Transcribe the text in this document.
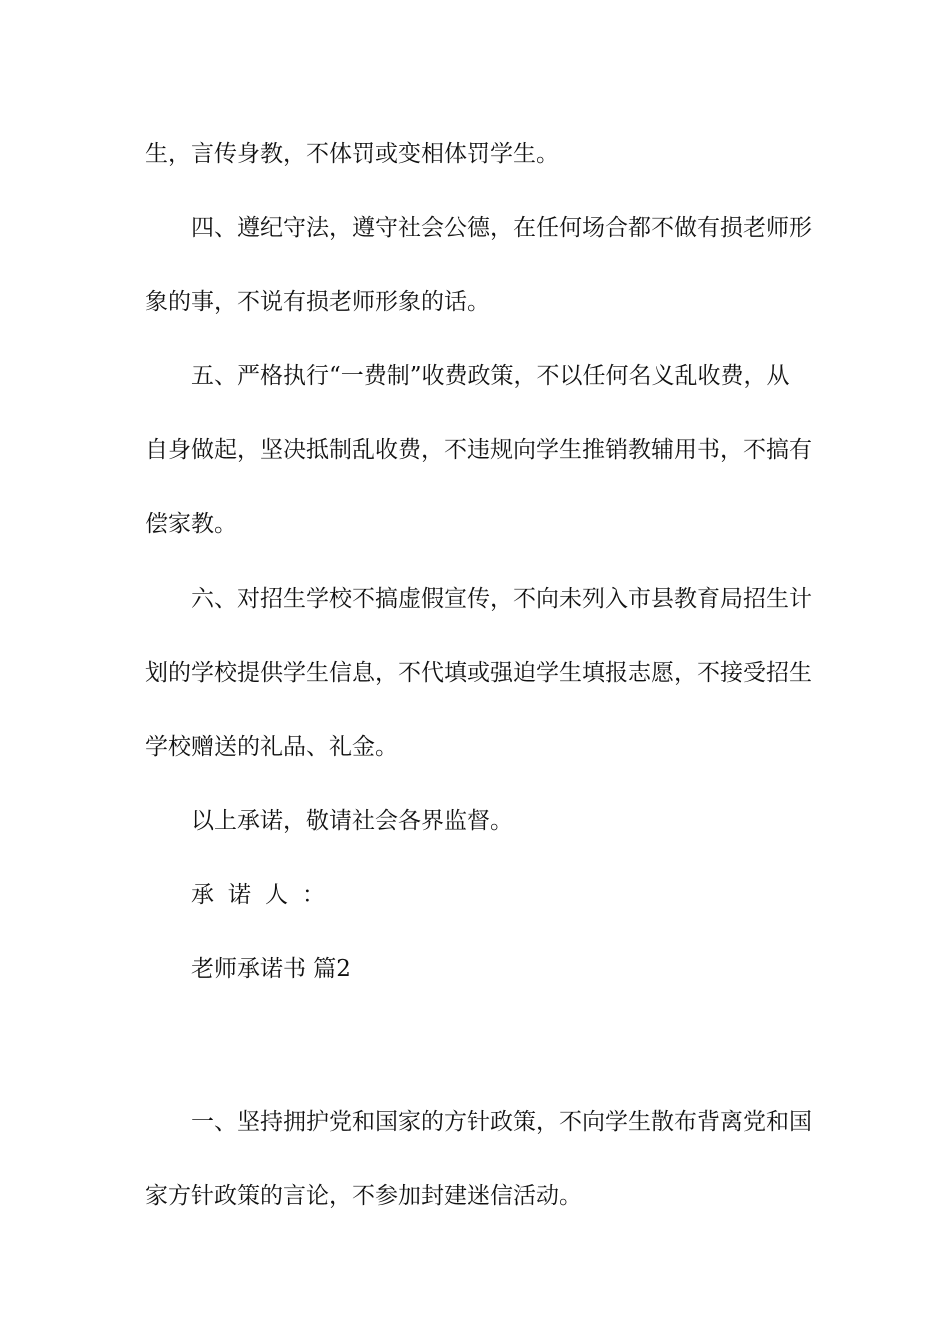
生，言传身教，不体罚或变相体罚学生。
四、遵纪守法，遵守社会公德，在任何场合都不做有损老师形
象的事，不说有损老师形象的话。
五、严格执行“一费制”收费政策，不以任何名义乱收费，从
自身做起，坚决抵制乱收费，不违规向学生推销教辅用书，不搞有
偿家教。
六、对招生学校不搞虚假宣传，不向未列入市县教育局招生计
划的学校提供学生信息，不代填或强迫学生填报志愿，不接受招生
学校赠送的礼品、礼金。
以上承诺，敬请社会各界监督。
承诺人：
老师承诺书 篇2
一、坚持拥护党和国家的方针政策，不向学生散布背离党和国
家方针政策的言论，不参加封建迷信活动。
